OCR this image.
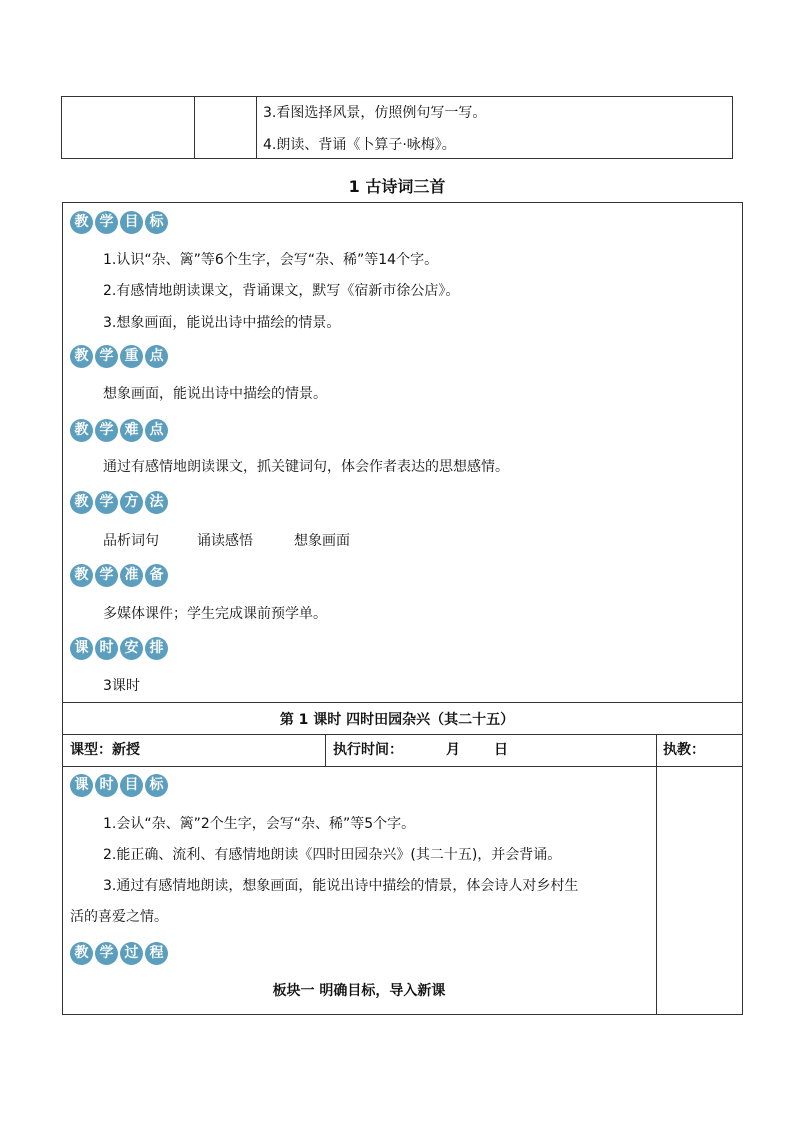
3.看图选择风景，仿照例句写一写。
4.朗读、背诵《卜算子·咏梅》。
1 古诗词三首
教 学 目 标
1.认识“杂、篱”等6个生字，会写“杂、稀”等14个字。
2.有感情地朗读课文，背诵课文，默写《宿新市徐公店》。
3.想象画面，能说出诗中描绘的情景。
教 学 重 点
想象画面，能说出诗中描绘的情景。
教 学 难 点
通过有感情地朗读课文，抓关键词句，体会作者表达的思想感情。
教 学 方 法
品析词句	诵读感悟	想象画面
教 学 准 备
多媒体课件；学生完成课前预学单。
课 时 安 排
3课时
第 1 课时 四时田园杂兴（其二十五）
课型：新授	执行时间：	月 日	执教：
课 时 目 标
1.会认“杂、篱”2个生字，会写“杂、稀”等5个字。
2.能正确、流利、有感情地朗读《四时田园杂兴》(其二十五)，并会背诵。
3.通过有感情地朗读，想象画面，能说出诗中描绘的情景，体会诗人对乡村生
活的喜爱之情。
教 学 过 程
板块一 明确目标，导入新课
